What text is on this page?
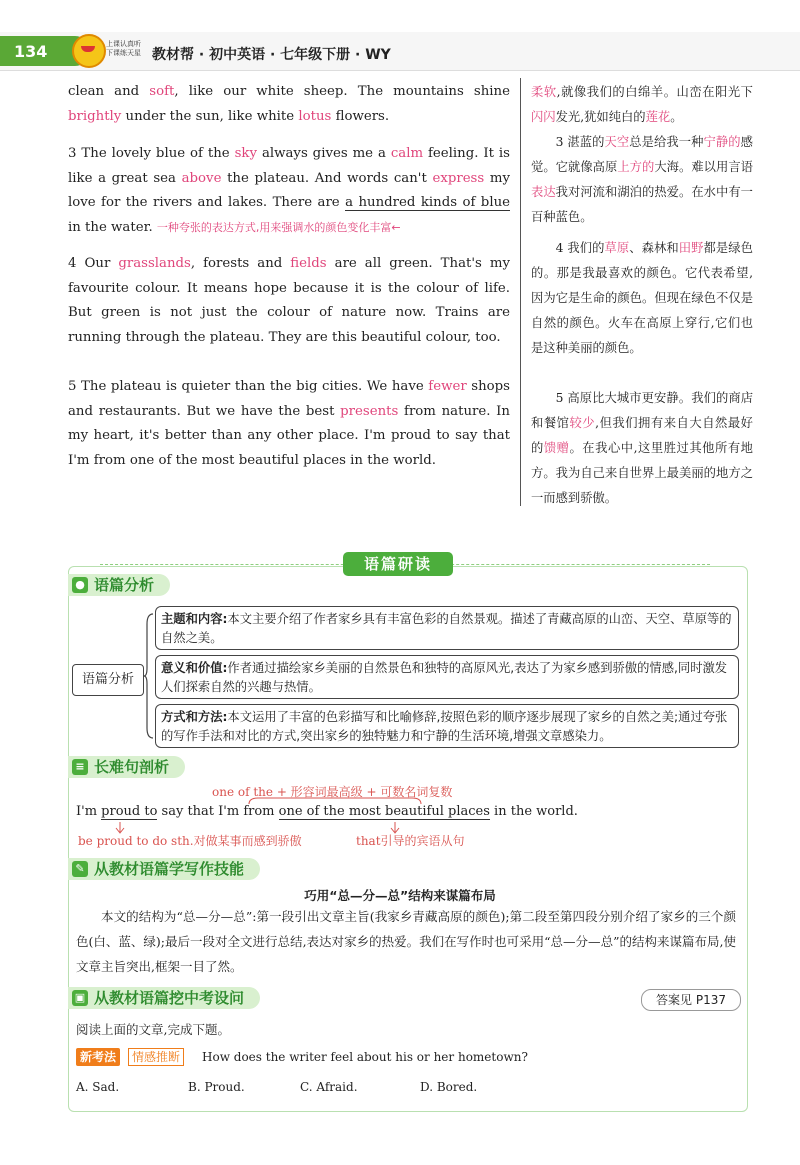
134	上课认真听
下课练天星 教材帮 · 初中英语 · 七年级下册 · WY

clean and soft, like our white sheep. The mountains shine brightly under the sun, like white lotus flowers.

3 The lovely blue of the sky always gives me a calm feeling. It is like a great sea above the plateau. And words can't express my love for the rivers and lakes. There are a hundred kinds of blue in the water. 一种夸张的表达方式,用来强调水的颜色变化丰富←

4 Our grasslands, forests and fields are all green. That's my favourite colour. It means hope because it is the colour of life. But green is not just the colour of nature now. Trains are running through the plateau. They are this beautiful colour, too.

5 The plateau is quieter than the big cities. We have fewer shops and restaurants. But we have the best presents from nature. In my heart, it's better than any other place. I'm proud to say that I'm from one of the most beautiful places in the world.

柔软,就像我们的白绵羊。山峦在阳光下闪闪发光,犹如纯白的莲花。

3 湛蓝的天空总是给我一种宁静的感觉。它就像高原上方的大海。难以用言语表达我对河流和湖泊的热爱。在水中有一百种蓝色。

4 我们的草原、森林和田野都是绿色的。那是我最喜欢的颜色。它代表希望,因为它是生命的颜色。但现在绿色不仅是自然的颜色。火车在高原上穿行,它们也是这种美丽的颜色。

5 高原比大城市更安静。我们的商店和餐馆较少,但我们拥有来自大自然最好的馈赠。在我心中,这里胜过其他所有地方。我为自己来自世界上最美丽的地方之一而感到骄傲。

语篇研读
● 语篇分析
语篇分析
主题和内容:本文主要介绍了作者家乡具有丰富色彩的自然景观。描述了青藏高原的山峦、天空、草原等的自然之美。
意义和价值:作者通过描绘家乡美丽的自然景色和独特的高原风光,表达了为家乡感到骄傲的情感,同时激发人们探索自然的兴趣与热情。
方式和方法:本文运用了丰富的色彩描写和比喻修辞,按照色彩的顺序逐步展现了家乡的自然之美;通过夸张的写作手法和对比的方式,突出家乡的独特魅力和宁静的生活环境,增强文章感染力。
≡ 长难句剖析
one of the + 形容词最高级 + 可数名词复数
I'm proud to say that I'm from one of the most beautiful places in the world.
be proud to do sth.对做某事而感到骄傲	that引导的宾语从句
✎ 从教材语篇学写作技能
巧用“总—分—总”结构来谋篇布局
本文的结构为“总—分—总”:第一段引出文章主旨(我家乡青藏高原的颜色);第二段至第四段分别介绍了家乡的三个颜色(白、蓝、绿);最后一段对全文进行总结,表达对家乡的热爱。我们在写作时也可采用“总—分—总”的结构来谋篇布局,使文章主旨突出,框架一目了然。
▣ 从教材语篇挖中考设问	答案见 P137
阅读上面的文章,完成下题。
新考法	情感推断	How does the writer feel about his or her hometown?
A. Sad.	B. Proud.	C. Afraid.	D. Bored.
